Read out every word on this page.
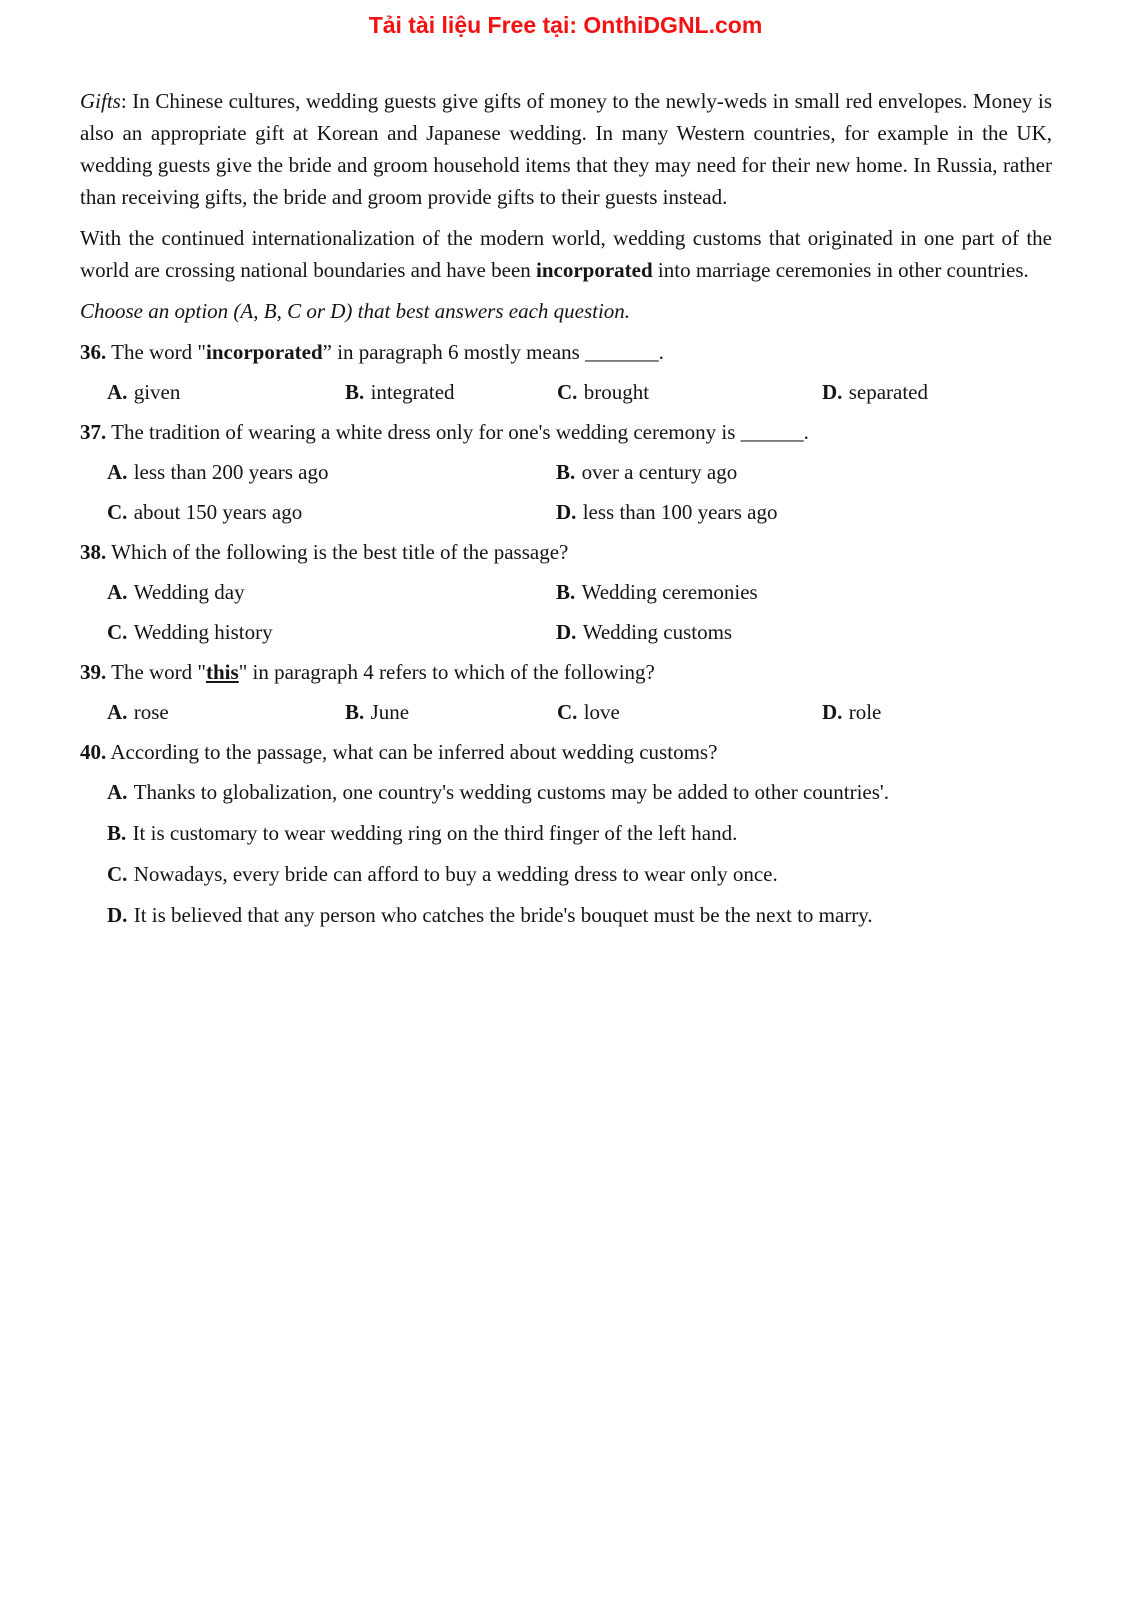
Tải tài liệu Free tại: OnthiDGNL.com

Gifts: In Chinese cultures, wedding guests give gifts of money to the newly-weds in small red envelopes. Money is also an appropriate gift at Korean and Japanese wedding. In many Western countries, for example in the UK, wedding guests give the bride and groom household items that they may need for their new home. In Russia, rather than receiving gifts, the bride and groom provide gifts to their guests instead.

With the continued internationalization of the modern world, wedding customs that originated in one part of the world are crossing national boundaries and have been incorporated into marriage ceremonies in other countries.

Choose an option (A, B, C or D) that best answers each question.

36. The word "incorporated” in paragraph 6 mostly means _______.

A. given	B. integrated	C. brought	D. separated

37. The tradition of wearing a white dress only for one's wedding ceremony is ______.

A. less than 200 years ago	B. over a century ago
C. about 150 years ago	D. less than 100 years ago

38. Which of the following is the best title of the passage?

A. Wedding day	B. Wedding ceremonies
C. Wedding history	D. Wedding customs

39. The word "this" in paragraph 4 refers to which of the following?

A. rose	B. June	C. love	D. role

40. According to the passage, what can be inferred about wedding customs?

A. Thanks to globalization, one country's wedding customs may be added to other countries'.
B. It is customary to wear wedding ring on the third finger of the left hand.
C. Nowadays, every bride can afford to buy a wedding dress to wear only once.
D. It is believed that any person who catches the bride's bouquet must be the next to marry.
